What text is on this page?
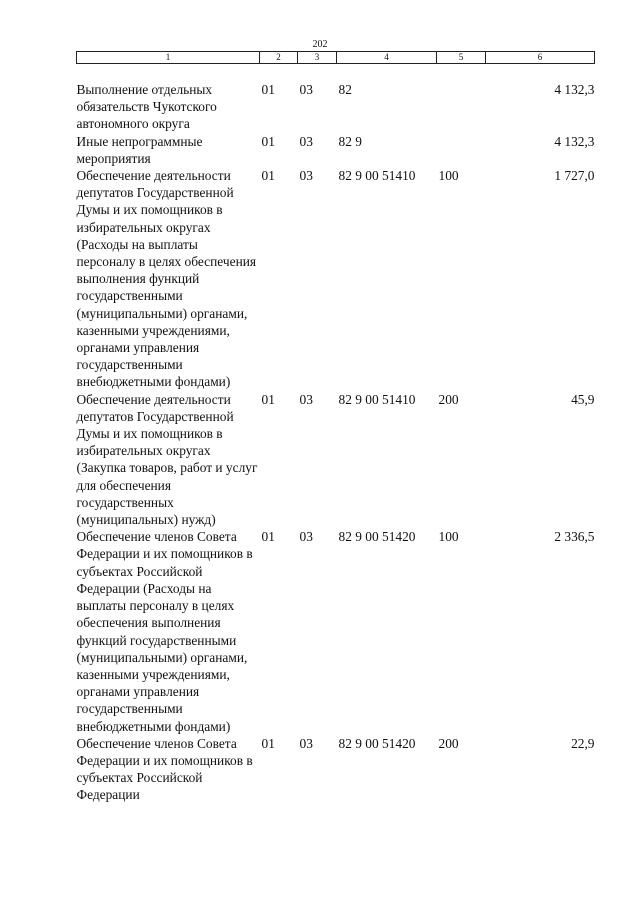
202
1	2	3	4	5	6
Выполнение отдельных обязательств Чукотского автономного округа	01	03	82		4 132,3
Иные непрограммные мероприятия	01	03	82 9		4 132,3
Обеспечение деятельности депутатов Государственной Думы и их помощников в избирательных округах (Расходы на выплаты персоналу в целях обеспечения выполнения функций государственными (муниципальными) органами, казенными учреждениями, органами управления государственными внебюджетными фондами)	01	03	82 9 00 51410	100	1 727,0
Обеспечение деятельности депутатов Государственной Думы и их помощников в избирательных округах (Закупка товаров, работ и услуг для обеспечения государственных (муниципальных) нужд)	01	03	82 9 00 51410	200	45,9
Обеспечение членов Совета Федерации и их помощников в субъектах Российской Федерации (Расходы на выплаты персоналу в целях обеспечения выполнения функций государственными (муниципальными) органами, казенными учреждениями, органами управления государственными внебюджетными фондами)	01	03	82 9 00 51420	100	2 336,5
Обеспечение членов Совета Федерации и их помощников в субъектах Российской Федерации	01	03	82 9 00 51420	200	22,9
